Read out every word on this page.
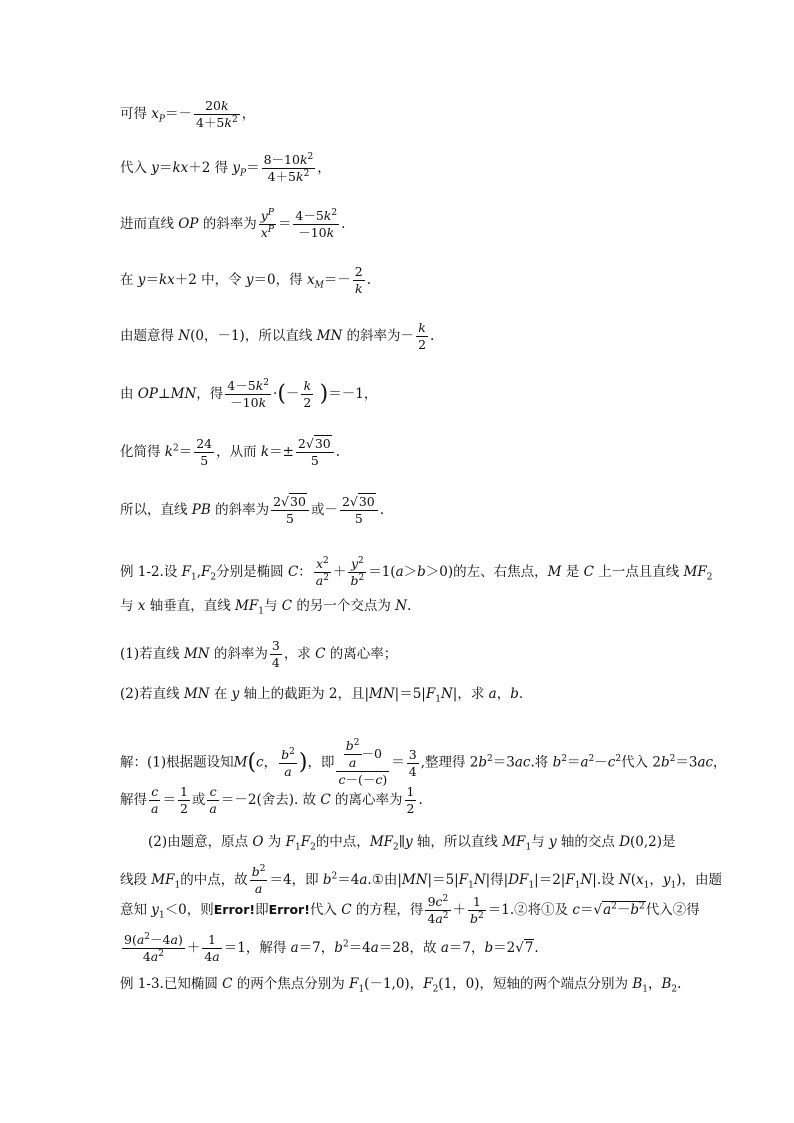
可得 $x_P=- \frac{20k}{4+5k^2}$ ，
代入 y＝kx＋2 得 $y_P= \frac{8-10k^2}{4+5k^2}$ ，
进而直线 OP 的斜率为 $\frac{y^P}{x^P} = \frac{4-5k^2}{-10k}$ .
在 y＝kx＋2 中，令 y＝0，得 $x_M=- \frac{2}{k}$ .
由题意得 N(0，－1)，所以直线 MN 的斜率为－ $\frac{k}{2}$ .
由 OP⊥MN，得 $\frac{4-5k^2}{-10k}$ ·(－ $\frac{k}{2} )=-1$，
化简得 $k^2= \frac{24}{5}$ ，从而 $k=\pm \frac{2√30}{5}$ .
所以，直线 PB 的斜率为 $\frac{2√30}{5}$ 或－ $\frac{2√30}{5}$ .
例 1-2.设 $F_1,F_2$分别是椭圆 C： $\frac{x^2}{a^2} + \frac{y^2}{b^2} =1(a>b>0)$的左、右焦点，M 是 C 上一点且直线 $MF_2$
与 x 轴垂直，直线 $MF_1$与 C 的另一个交点为 N.
(1)若直线 MN 的斜率为 $\frac{3}{4}$ ，求 C 的离心率；
(2)若直线 MN 在 y 轴上的截距为 2，且$|MN|=5|F_1N|$，求 a，b.
解：(1)根据题设知M(c， $\frac{b^2}{a}$ )，即 $\frac{\frac{b^2}{a} -0}{c-(-c)} = \frac{3}{4}$ ,整理得 $2b^2=3ac$.将 $b^2=a^2-c^2$代入 $2b^2=3ac$，
解得 $\frac{c}{a} = \frac{1}{2}$ 或 $\frac{c}{a} =-2$(舍去). 故 C 的离心率为 $\frac{1}{2}$ .
(2)由题意，原点 O 为 $F_1F_2$的中点，$MF_2\parallel y$ 轴，所以直线 $MF_1$与 y 轴的交点 D(0,2)是
线段 $MF_1$的中点，故 $\frac{b^2}{a} =4$，即 $b^2=4a.①$由$|MN|=5|F_1N|$得$|DF_1|=2|F_1N|$.设 $N(x_1$，$y_1$)，由题
意知 $y_1<0$，则Error!即Error!代入 C 的方程，得 $\frac{9c^2}{4a^2} + \frac{1}{b^2}$ ＝1.②将①及 $c=√a^2-b^2$代入②得
$\frac{9(a^2-4a)}{4a^2} + \frac{1}{4a} =1$，解得 a＝7，$b^2=4a=28$，故 a＝7，b＝2√7.
例 1-3.已知椭圆 C 的两个焦点分别为 $F_1(-1,0)$，$F_2(1$，0)，短轴的两个端点分别为 $B_1$，$B_2$.
